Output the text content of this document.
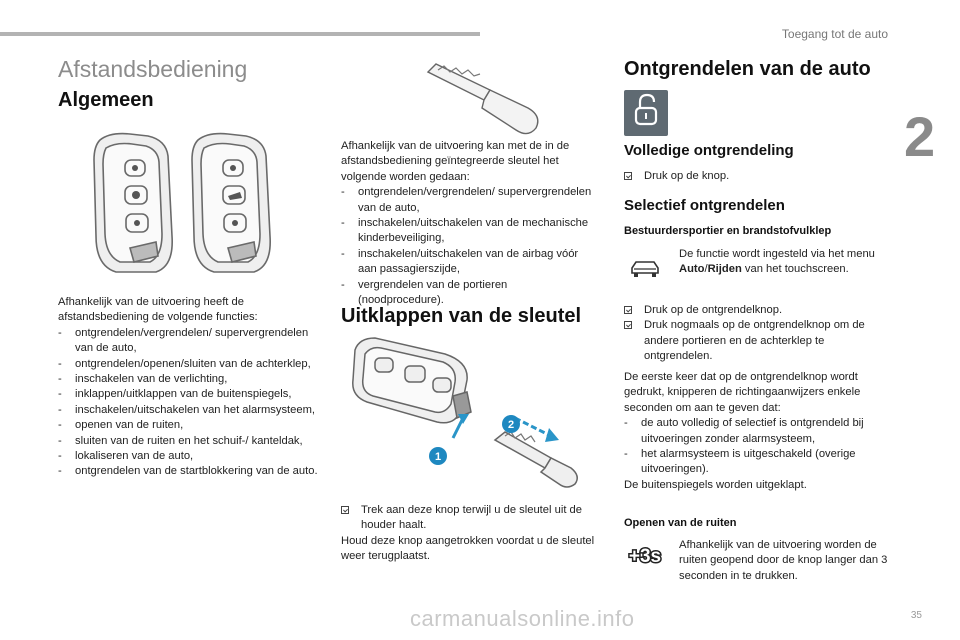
Toegang tot de auto
2
Afstandsbediening
Algemeen

Afhankelijk van de uitvoering heeft de afstandsbediening de volgende functies:

- ontgrendelen/vergrendelen/ supervergrendelen van de auto,
- ontgrendelen/openen/sluiten van de achterklep,
- inschakelen van de verlichting,
- inklappen/uitklappen van de buitenspiegels,
- inschakelen/uitschakelen van het alarmsysteem,
- openen van de ruiten,
- sluiten van de ruiten en het schuif-/ kanteldak,
- lokaliseren van de auto,
- ontgrendelen van de startblokkering van de auto.

Afhankelijk van de uitvoering kan met de in de afstandsbediening geïntegreerde sleutel het volgende worden gedaan:

- ontgrendelen/vergrendelen/ supervergrendelen van de auto,
- inschakelen/uitschakelen van de mechanische kinderbeveiliging,
- inschakelen/uitschakelen van de airbag vóór aan passagierszijde,
- vergrendelen van de portieren (noodprocedure).
Uitklappen van de sleutel
1
2
Trek aan deze knop terwijl u de sleutel uit de houder haalt.

Houd deze knop aangetrokken voordat u de sleutel weer terugplaatst.

Ontgrendelen van de auto
Volledige ontgrendeling
Druk op de knop.
Selectief ontgrendelen
Bestuurdersportier en brandstofvulklep
De functie wordt ingesteld via het menu Auto/Rijden van het touchscreen.
Druk op de ontgrendelknop.
Druk nogmaals op de ontgrendelknop om de andere portieren en de achterklep te ontgrendelen.

De eerste keer dat op de ontgrendelknop wordt gedrukt, knipperen de richtingaanwijzers enkele seconden om aan te geven dat:

- de auto volledig of selectief is ontgrendeld bij uitvoeringen zonder alarmsysteem,
- het alarmsysteem is uitgeschakeld (overige uitvoeringen).

De buitenspiegels worden uitgeklapt.

Openen van de ruiten
+3s
Afhankelijk van de uitvoering worden de ruiten geopend door de knop langer dan 3 seconden in te drukken.
35
carmanualsonline.info
